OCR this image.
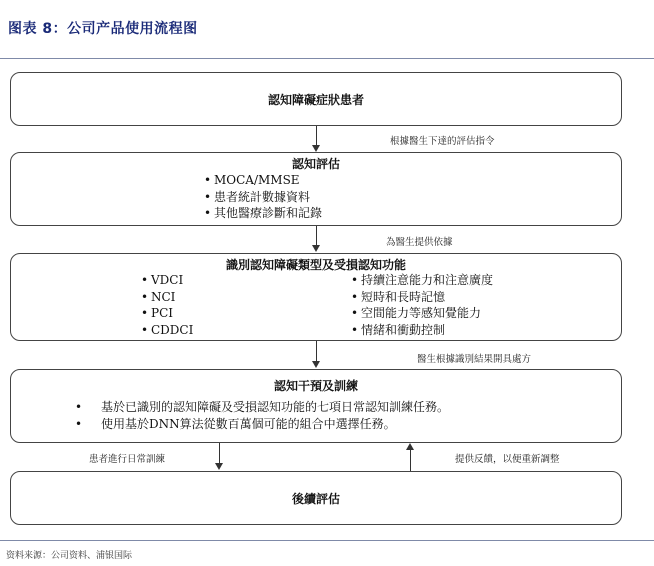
图表 8：公司产品使用流程图
認知障礙症狀患者
根據醫生下達的評估指令
認知評估
• MOCA/MMSE
• 患者統計數據資料
• 其他醫療診斷和記錄
為醫生提供依據
識別認知障礙類型及受損認知功能
• VDCI
• NCI
• PCI
• CDDCI
• 持續注意能力和注意廣度
• 短時和長時記憶
• 空間能力等感知覺能力
• 情緒和衝動控制
醫生根據識別結果開具處方
認知干預及訓練
• 基於已識別的認知障礙及受損認知功能的七項日常認知訓練任務。
• 使用基於DNN算法從數百萬個可能的組合中選擇任務。
患者進行日常訓練	提供反饋，以便重新調整
後續評估
资料来源：公司资料、浦银国际
